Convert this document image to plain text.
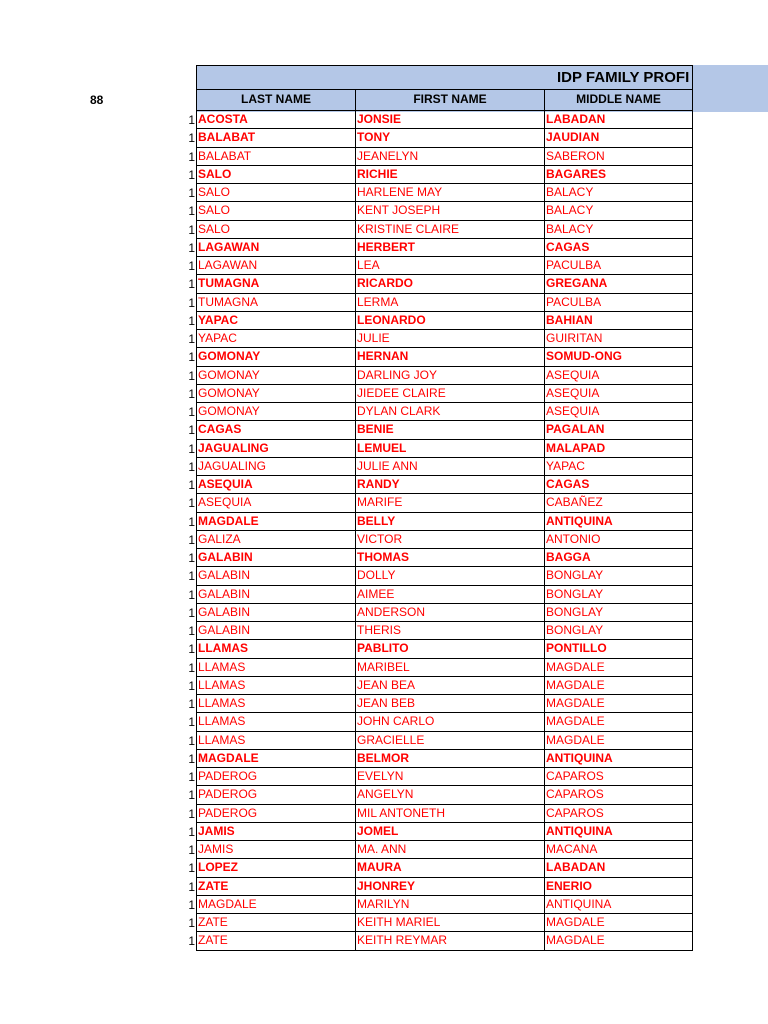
IDP FAMILY PROFI
88	LAST NAME	FIRST NAME	MIDDLE NAME
1 ACOSTA	JONSIE	LABADAN
1 BALABAT	TONY	JAUDIAN
1 BALABAT	JEANELYN	SABERON
1 SALO	RICHIE	BAGARES
1 SALO	HARLENE MAY	BALACY
1 SALO	KENT JOSEPH	BALACY
1 SALO	KRISTINE CLAIRE	BALACY
1 LAGAWAN	HERBERT	CAGAS
1 LAGAWAN	LEA	PACULBA
1 TUMAGNA	RICARDO	GREGANA
1 TUMAGNA	LERMA	PACULBA
1 YAPAC	LEONARDO	BAHIAN
1 YAPAC	JULIE	GUIRITAN
1 GOMONAY	HERNAN	SOMUD-ONG
1 GOMONAY	DARLING JOY	ASEQUIA
1 GOMONAY	JIEDEE CLAIRE	ASEQUIA
1 GOMONAY	DYLAN CLARK	ASEQUIA
1 CAGAS	BENIE	PAGALAN
1 JAGUALING	LEMUEL	MALAPAD
1 JAGUALING	JULIE ANN	YAPAC
1 ASEQUIA	RANDY	CAGAS
1 ASEQUIA	MARIFE	CABAÑEZ
1 MAGDALE	BELLY	ANTIQUINA
1 GALIZA	VICTOR	ANTONIO
1 GALABIN	THOMAS	BAGGA
1 GALABIN	DOLLY	BONGLAY
1 GALABIN	AIMEE	BONGLAY
1 GALABIN	ANDERSON	BONGLAY
1 GALABIN	THERIS	BONGLAY
1 LLAMAS	PABLITO	PONTILLO
1 LLAMAS	MARIBEL	MAGDALE
1 LLAMAS	JEAN BEA	MAGDALE
1 LLAMAS	JEAN BEB	MAGDALE
1 LLAMAS	JOHN CARLO	MAGDALE
1 LLAMAS	GRACIELLE	MAGDALE
1 MAGDALE	BELMOR	ANTIQUINA
1 PADEROG	EVELYN	CAPAROS
1 PADEROG	ANGELYN	CAPAROS
1 PADEROG	MIL ANTONETH	CAPAROS
1 JAMIS	JOMEL	ANTIQUINA
1 JAMIS	MA. ANN	MACANA
1 LOPEZ	MAURA	LABADAN
1 ZATE	JHONREY	ENERIO
1 MAGDALE	MARILYN	ANTIQUINA
1 ZATE	KEITH MARIEL	MAGDALE
1 ZATE	KEITH REYMAR	MAGDALE
